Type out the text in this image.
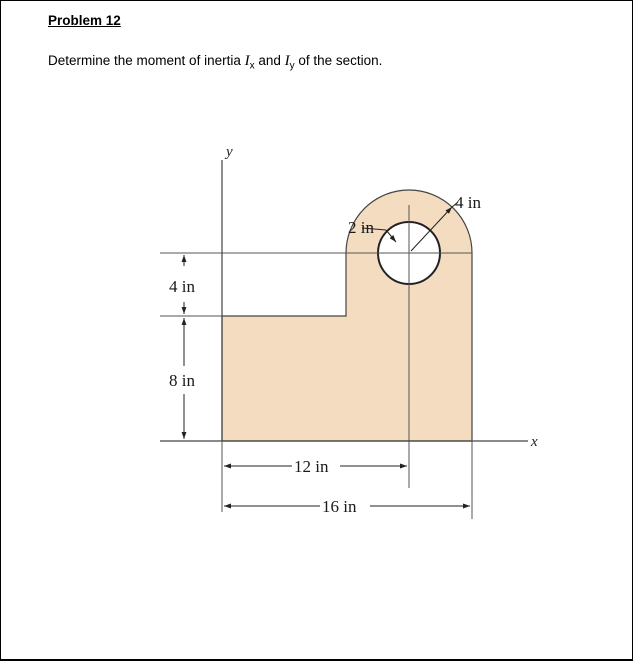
Problem 12
Determine the moment of inertia $I_x$ and $I_y$ of the section.
y
x
4 in
8 in
2 in
4 in
12 in
16 in
